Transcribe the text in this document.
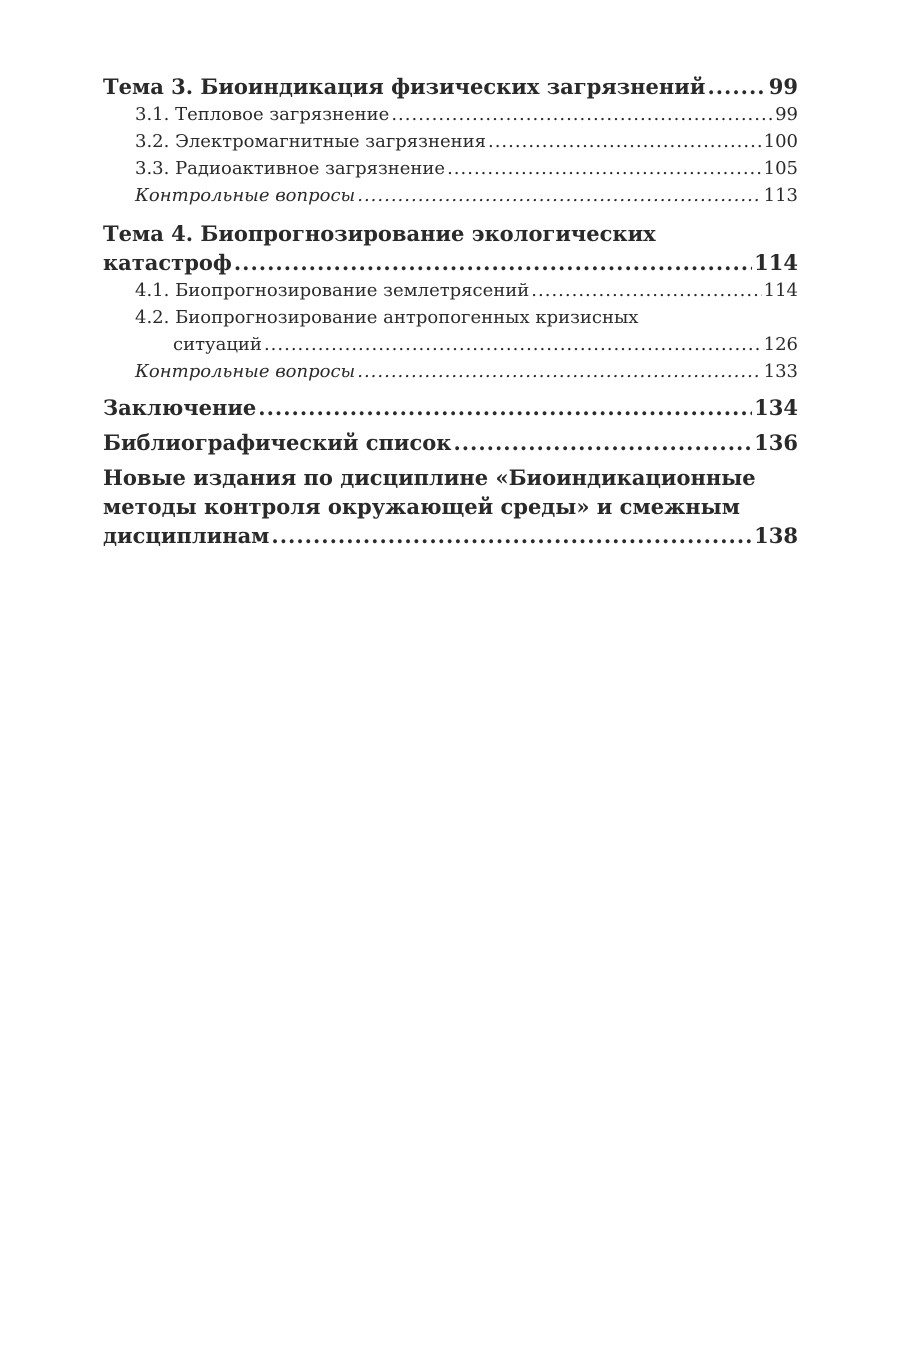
Тема 3. Биоиндикация физических загрязнений .....	99
3.1. Тепловое загрязнение .....	99
3.2. Электромагнитные загрязнения .....	100
3.3. Радиоактивное загрязнение .....	105
Контрольные вопросы .....	113
Тема 4. Биопрогнозирование экологических
катастроф .....	114
4.1. Биопрогнозирование землетрясений .....	114
4.2. Биопрогнозирование антропогенных кризисных
ситуаций .....	126
Контрольные вопросы .....	133
Заключение .....	134
Библиографический список .....	136
Новые издания по дисциплине «Биоиндикационные
методы контроля окружающей среды» и смежным
дисциплинам .....	138
